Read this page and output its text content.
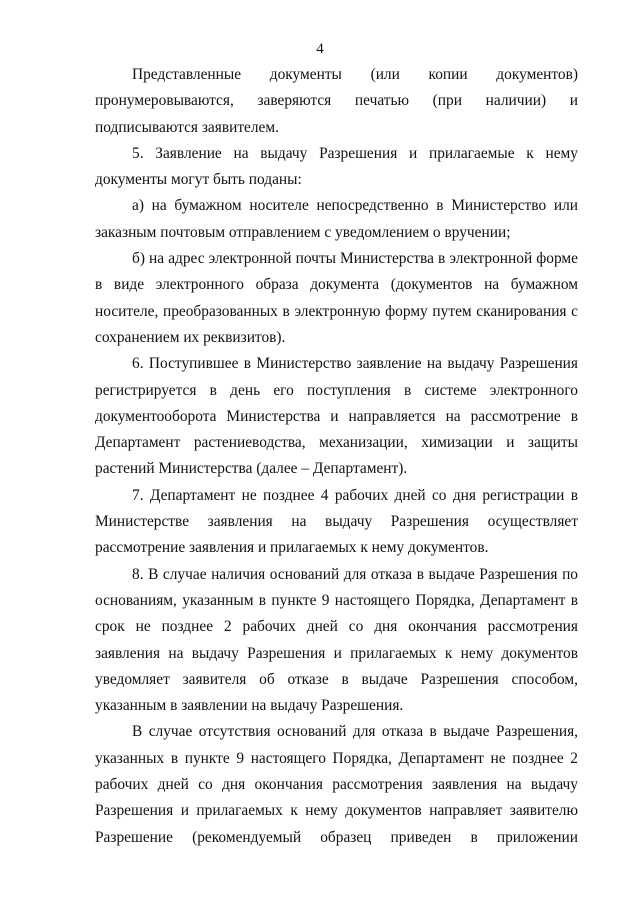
4

Представленные документы (или копии документов) пронумеровываются, заверяются печатью (при наличии) и подписываются заявителем.

5. Заявление на выдачу Разрешения и прилагаемые к нему документы могут быть поданы:

а) на бумажном носителе непосредственно в Министерство или заказным почтовым отправлением с уведомлением о вручении;

б) на адрес электронной почты Министерства в электронной форме в виде электронного образа документа (документов на бумажном носителе, преобразованных в электронную форму путем сканирования с сохранением их реквизитов).

6. Поступившее в Министерство заявление на выдачу Разрешения регистрируется в день его поступления в системе электронного документооборота Министерства и направляется на рассмотрение в Департамент растениеводства, механизации, химизации и защиты растений Министерства (далее – Департамент).

7. Департамент не позднее 4 рабочих дней со дня регистрации в Министерстве заявления на выдачу Разрешения осуществляет рассмотрение заявления и прилагаемых к нему документов.

8. В случае наличия оснований для отказа в выдаче Разрешения по основаниям, указанным в пункте 9 настоящего Порядка, Департамент в срок не позднее 2 рабочих дней со дня окончания рассмотрения заявления на выдачу Разрешения и прилагаемых к нему документов уведомляет заявителя об отказе в выдаче Разрешения способом, указанным в заявлении на выдачу Разрешения.

В случае отсутствия оснований для отказа в выдаче Разрешения, указанных в пункте 9 настоящего Порядка, Департамент не позднее 2 рабочих дней со дня окончания рассмотрения заявления на выдачу Разрешения и прилагаемых к нему документов направляет заявителю Разрешение (рекомендуемый образец приведен в приложении
